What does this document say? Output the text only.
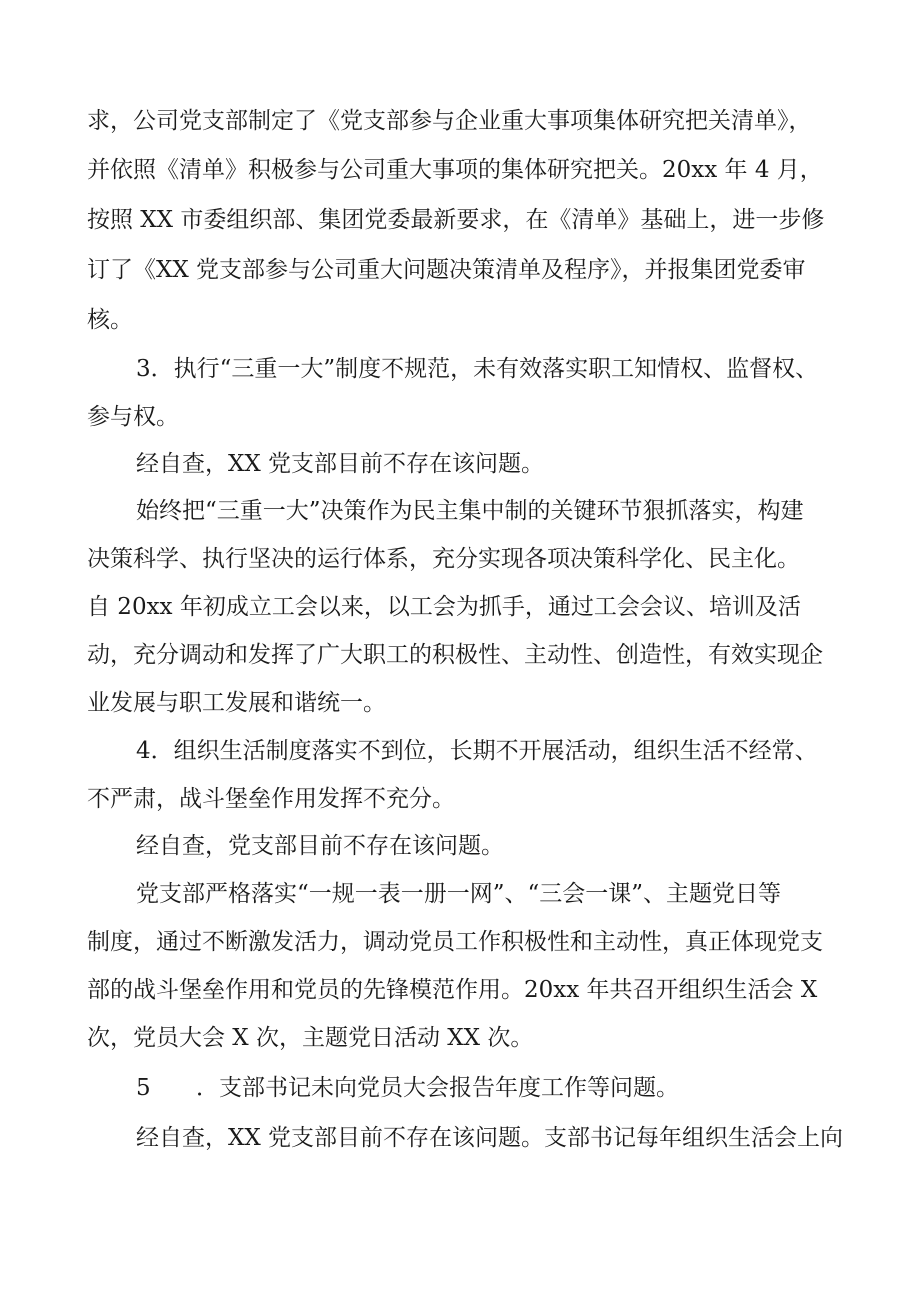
求，公司党支部制定了《党支部参与企业重大事项集体研究把关清单》，
并依照《清单》积极参与公司重大事项的集体研究把关。20xx 年 4 月，
按照 XX 市委组织部、集团党委最新要求，在《清单》基础上，进一步修
订了《XX 党支部参与公司重大问题决策清单及程序》，并报集团党委审
核。
3．执行“三重一大”制度不规范，未有效落实职工知情权、监督权、
参与权。
经自查，XX 党支部目前不存在该问题。
始终把“三重一大”决策作为民主集中制的关键环节狠抓落实，构建
决策科学、执行坚决的运行体系，充分实现各项决策科学化、民主化。
自 20xx 年初成立工会以来，以工会为抓手，通过工会会议、培训及活
动，充分调动和发挥了广大职工的积极性、主动性、创造性，有效实现企
业发展与职工发展和谐统一。
4．组织生活制度落实不到位，长期不开展活动，组织生活不经常、
不严肃，战斗堡垒作用发挥不充分。
经自查，党支部目前不存在该问题。
党支部严格落实“一规一表一册一网”、“三会一课”、主题党日等
制度，通过不断激发活力，调动党员工作积极性和主动性，真正体现党支
部的战斗堡垒作用和党员的先锋模范作用。20xx 年共召开组织生活会 X
次，党员大会 X 次，主题党日活动 XX 次。
5 ．支部书记未向党员大会报告年度工作等问题。
经自查，XX 党支部目前不存在该问题。支部书记每年组织生活会上向
